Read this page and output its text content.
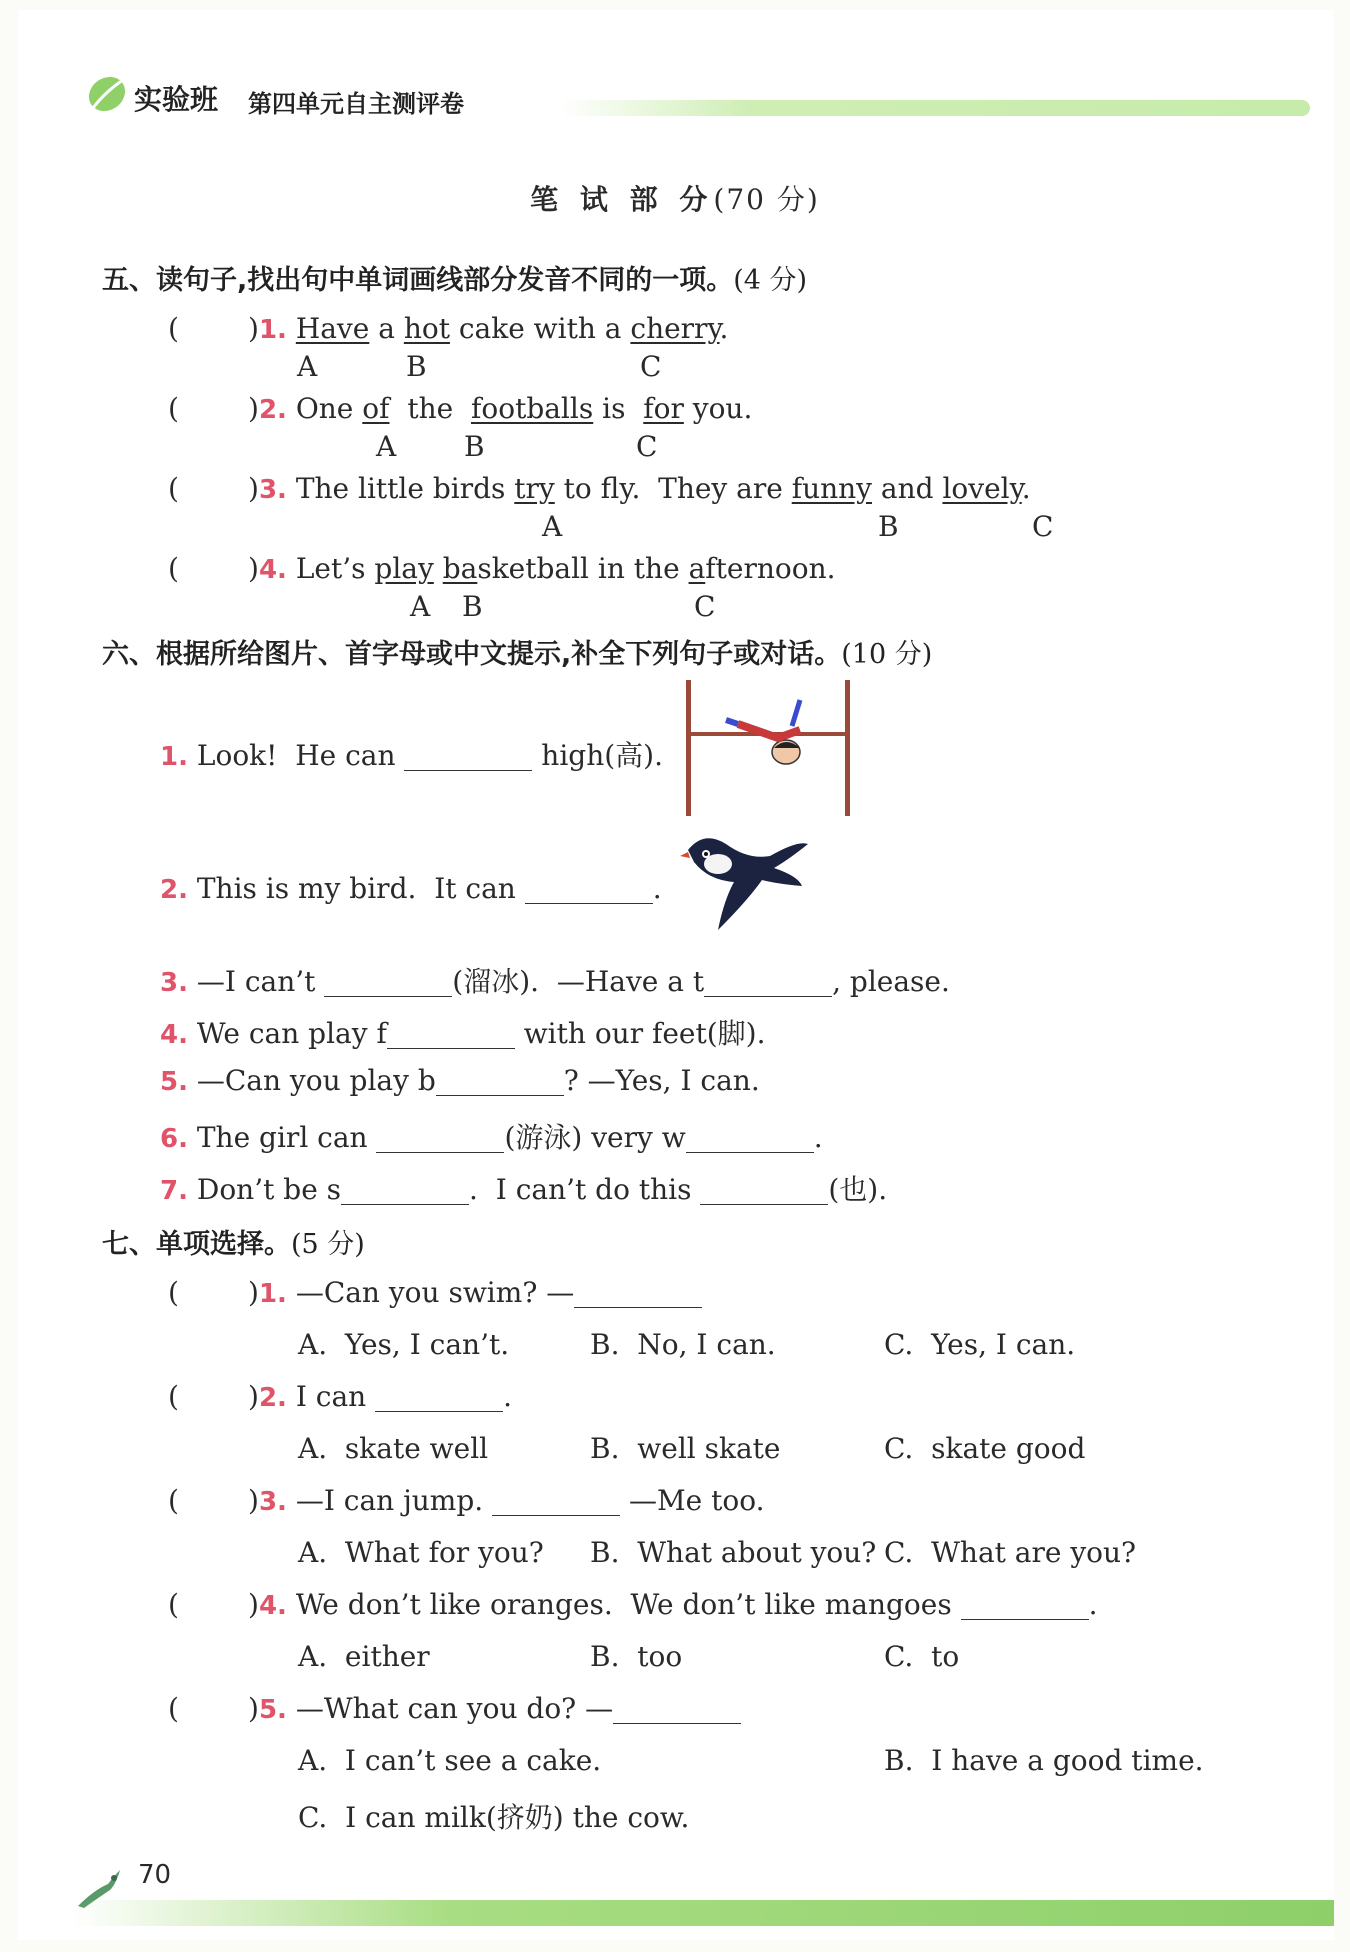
实验班 第四单元自主测评卷
笔 试 部 分(70 分)
五、读句子,找出句中单词画线部分发音不同的一项。(4 分)
( )1. Have a hot cake with a cherry.
A	B	C
( )2. One of  the  footballs is  for you.
A B	C
( )3. The little birds try to fly.  They are funny and lovely.
A	B	C
( )4. Let’s play basketball in the afternoon.
A B	C
六、根据所给图片、首字母或中文提示,补全下列句子或对话。(10 分)
1. Look!  He can	high(高).
2. This is my bird.  It can	.
3. —I can’t	(溜冰).  —Have a t	, please.
4. We can play f	with our feet(脚).
5. —Can you play b	? —Yes, I can.
6. The girl can	(游泳) very w	.
7. Don’t be s	.  I can’t do this	(也).
七、单项选择。(5 分)
( )1. —Can you swim? —
A.  Yes, I can’t.	B.  No, I can.	C.  Yes, I can.
( )2. I can	.
A.  skate well	B.  well skate	C.  skate good
( )3. —I can jump.	—Me too.
A.  What for you? B.  What about you? C.  What are you?
( )4. We don’t like oranges.  We don’t like mangoes	.
A.  either	B.  too	C.  to
( )5. —What can you do? —
A.  I can’t see a cake.	B.  I have a good time.
C.  I can milk(挤奶) the cow.
70
